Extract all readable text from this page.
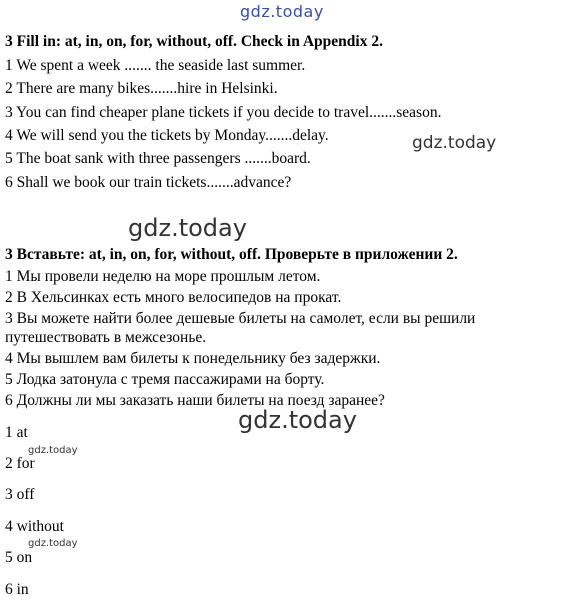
gdz.today
gdz.today
gdz.today
gdz.today
gdz.today
gdz.today
3 Fill in: at, in, on, for, without, off. Check in Appendix 2.
1 We spent a week ....... the seaside last summer.
2 There are many bikes.......hire in Helsinki.
3 You can find cheaper plane tickets if you decide to travel.......season.
4 We will send you the tickets by Monday.......delay.
5 The boat sank with three passengers .......board.
6 Shall we book our train tickets.......advance?
3 Вставьте: at, in, on, for, without, off. Проверьте в приложении 2.
1 Мы провели неделю на море прошлым летом.
2 В Хельсинках есть много велосипедов на прокат.
3 Вы можете найти более дешевые билеты на самолет, если вы решили
путешествовать в межсезонье.
4 Мы вышлем вам билеты к понедельнику без задержки.
5 Лодка затонула с тремя пассажирами на борту.
6 Должны ли мы заказать наши билеты на поезд заранее?
1 at
2 for
3 off
4 without
5 on
6 in
